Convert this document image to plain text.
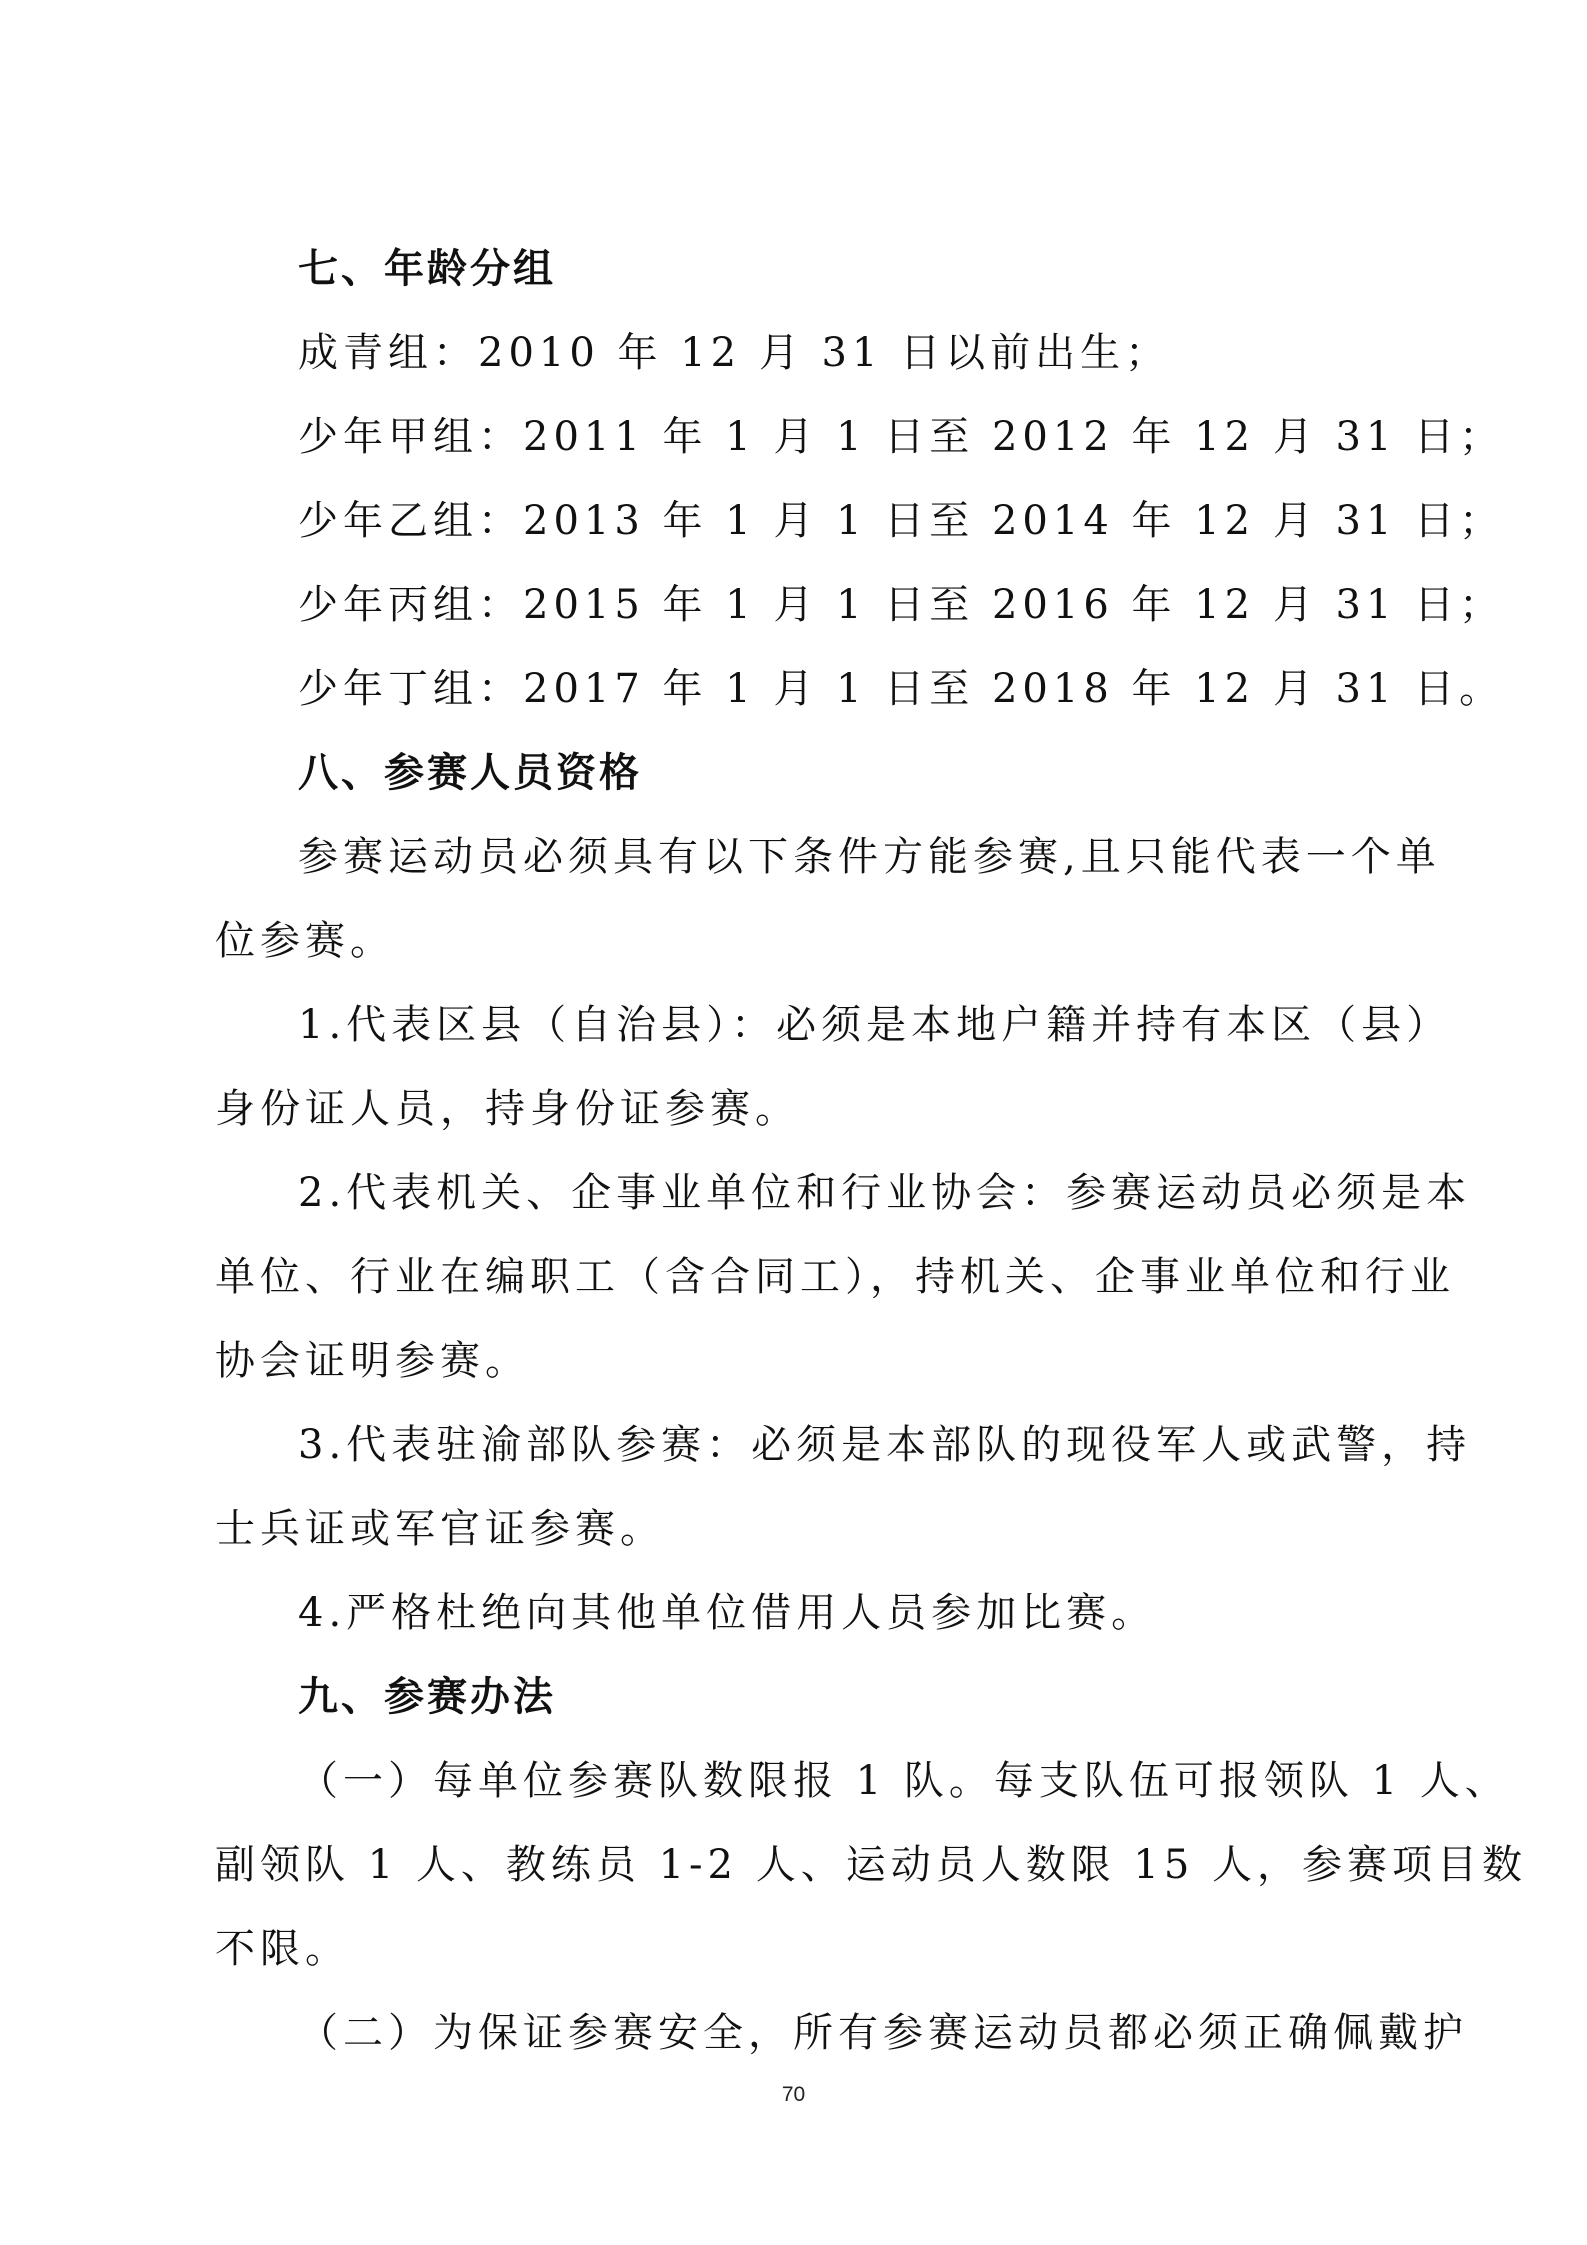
七、年龄分组
成青组：2010 年 12 月 31 日以前出生；
少年甲组：2011 年 1 月 1 日至 2012 年 12 月 31 日；
少年乙组：2013 年 1 月 1 日至 2014 年 12 月 31 日；
少年丙组：2015 年 1 月 1 日至 2016 年 12 月 31 日；
少年丁组：2017 年 1 月 1 日至 2018 年 12 月 31 日。
八、参赛人员资格
参赛运动员必须具有以下条件方能参赛,且只能代表一个单
位参赛。
1.代表区县（自治县）：必须是本地户籍并持有本区（县）
身份证人员，持身份证参赛。
2.代表机关、企事业单位和行业协会：参赛运动员必须是本
单位、行业在编职工（含合同工），持机关、企事业单位和行业
协会证明参赛。
3.代表驻渝部队参赛：必须是本部队的现役军人或武警，持
士兵证或军官证参赛。
4.严格杜绝向其他单位借用人员参加比赛。
九、参赛办法
（一）每单位参赛队数限报 1 队。每支队伍可报领队 1 人、
副领队 1 人、教练员 1-2 人、运动员人数限 15 人，参赛项目数
不限。
（二）为保证参赛安全，所有参赛运动员都必须正确佩戴护
70
